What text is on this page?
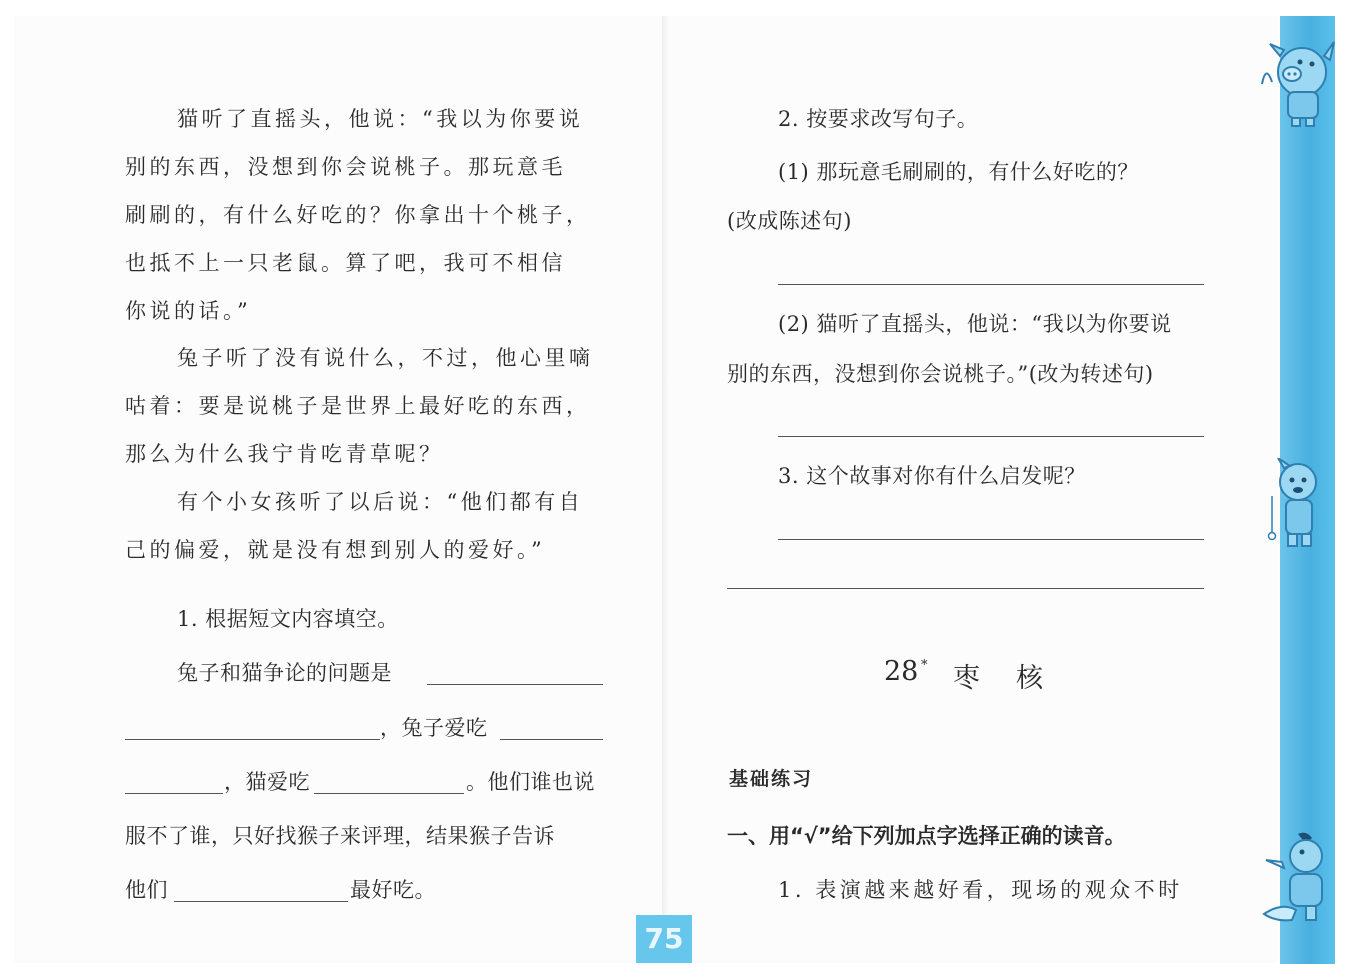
猫听了直摇头，他说：“我以为你要说
别的东西，没想到你会说桃子。那玩意毛
刷刷的，有什么好吃的？你拿出十个桃子，
也抵不上一只老鼠。算了吧，我可不相信
你说的话。”
兔子听了没有说什么，不过，他心里嘀
咕着：要是说桃子是世界上最好吃的东西，
那么为什么我宁肯吃青草呢？
有个小女孩听了以后说：“他们都有自
己的偏爱，就是没有想到别人的爱好。”
1. 根据短文内容填空。
兔子和猫争论的问题是
，兔子爱吃
，猫爱吃	。他们谁也说
服不了谁，只好找猴子来评理，结果猴子告诉
他们	最好吃。
2. 按要求改写句子。
(1) 那玩意毛刷刷的，有什么好吃的？
(改成陈述句)
(2) 猫听了直摇头，他说：“我以为你要说
别的东西，没想到你会说桃子。”(改为转述句)
3. 这个故事对你有什么启发呢？
28 * 枣 核
基础练习
一、用“√”给下列加点字选择正确的读音。
1. 表演越来越好看，现场的观众不时
75
